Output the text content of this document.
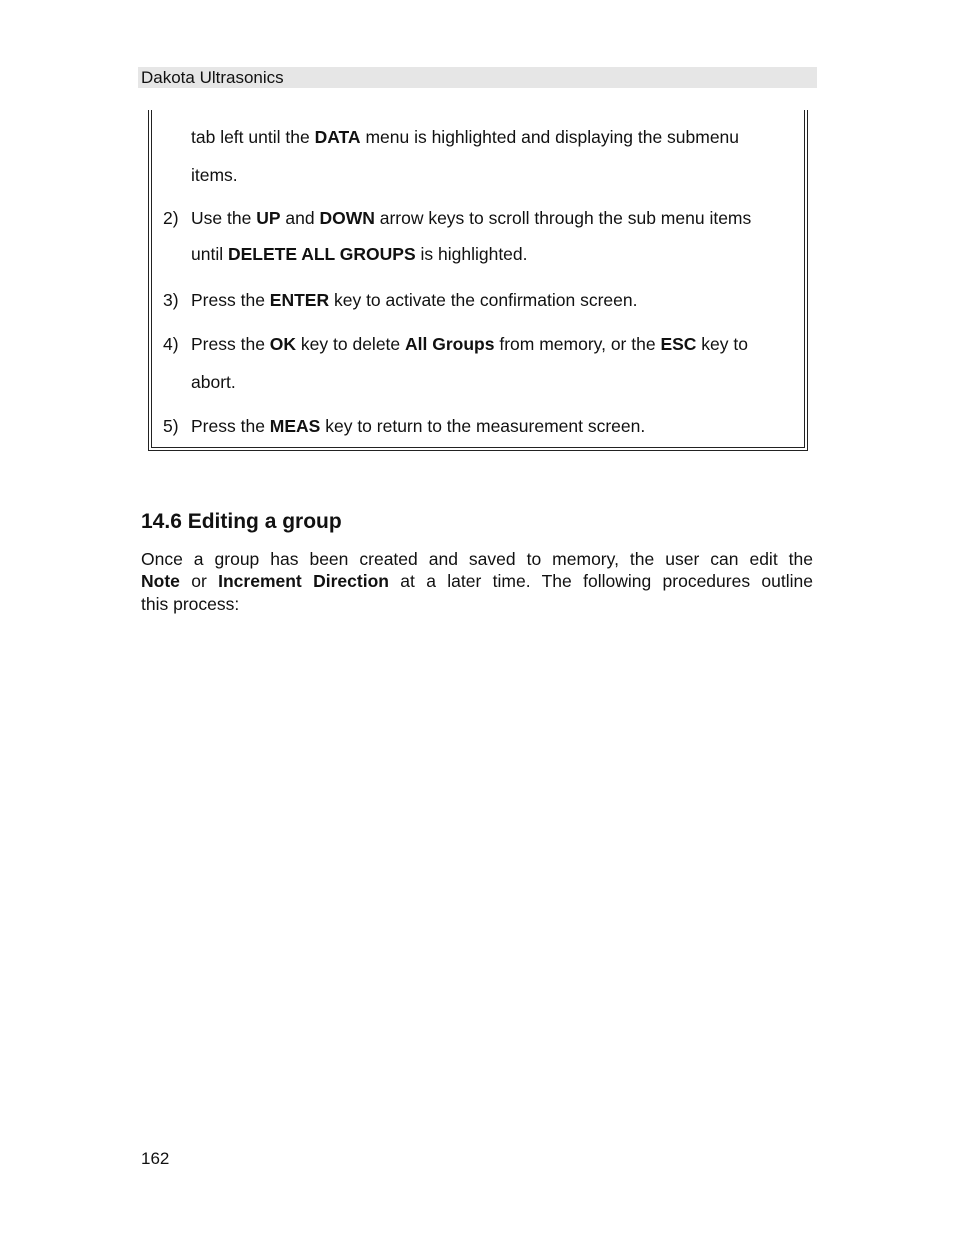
Dakota Ultrasonics
tab left until the DATA menu is highlighted and displaying the submenu
items.
2) Use the UP and DOWN arrow keys to scroll through the sub menu items
until DELETE ALL GROUPS is highlighted.
3) Press the ENTER key to activate the confirmation screen.
4) Press the OK key to delete All Groups from memory, or the ESC key to
abort.
5) Press the MEAS key to return to the measurement screen.
14.6 Editing a group
Once a group has been created and saved to memory, the user can edit the
Note or Increment Direction at a later time. The following procedures outline
this process:
162
